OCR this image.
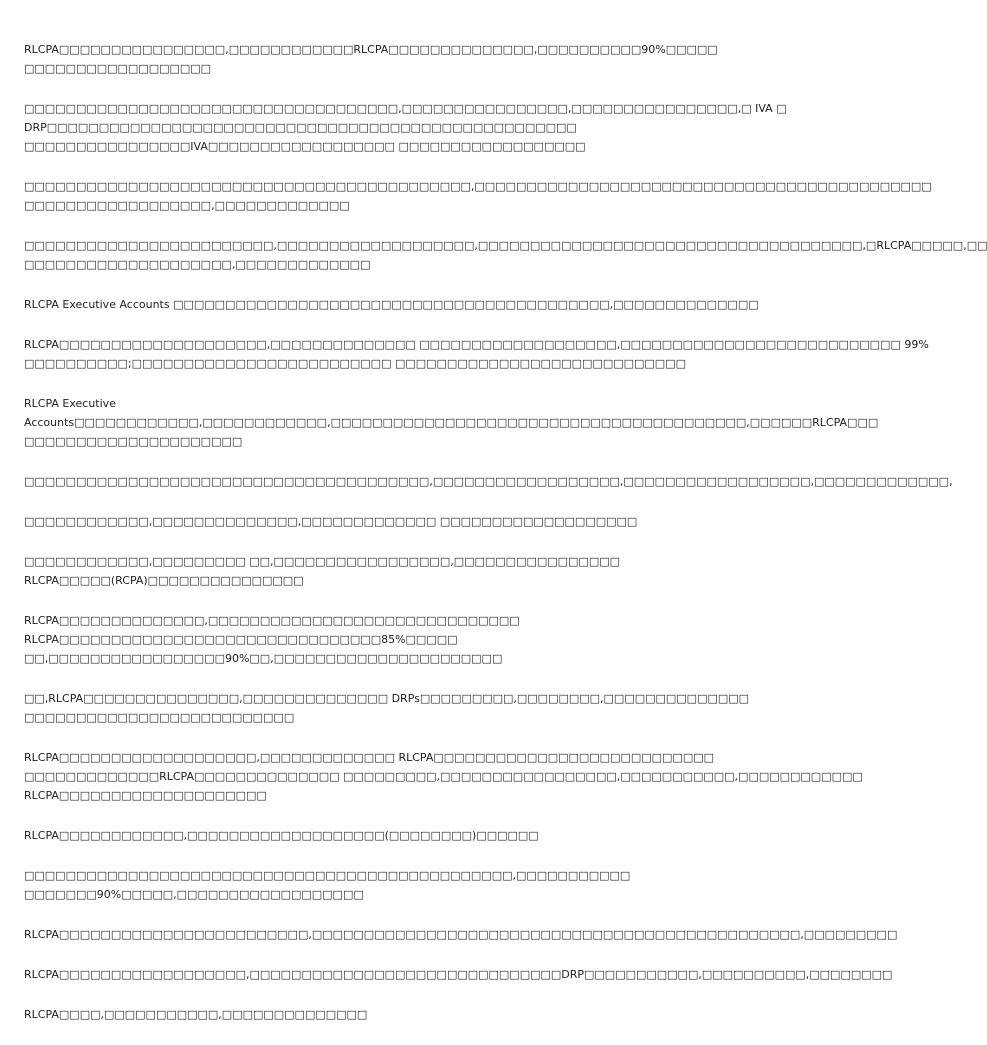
RLCPA□□□□□□□□□□□□□□□□,□□□□□□□□□□□□RLCPA□□□□□□□□□□□□□□,□□□□□□□□□□90%□□□□□
□□□□□□□□□□□□□□□□□□

□□□□□□□□□□□□□□□□□□□□□□□□□□□□□□□□□□□□,□□□□□□□□□□□□□□□□,□□□□□□□□□□□□□□□□,□ IVA □
DRP□□□□□□□□□□□□□□□□□□□□□□□□□□□□□□□□□□□□□□□□□□□□□□□□□□□
□□□□□□□□□□□□□□□□IVA□□□□□□□□□□□□□□□□□□ □□□□□□□□□□□□□□□□□□

□□□□□□□□□□□□□□□□□□□□□□□□□□□□□□□□□□□□□□□□□□□,□□□□□□□□□□□□□□□□□□□□□□□□□□□□□□□□□□□□□□□□□□□□
□□□□□□□□□□□□□□□□□□,□□□□□□□□□□□□□

□□□□□□□□□□□□□□□□□□□□□□□□,□□□□□□□□□□□□□□□□□□□,□□□□□□□□□□□□□□□□□□□□□□□□□□□□□□□□□□□□□,□RLCPA□□□□□,□□
□□□□□□□□□□□□□□□□□□□□,□□□□□□□□□□□□□

RLCPA Executive Accounts □□□□□□□□□□□□□□□□□□□□□□□□□□□□□□□□□□□□□□□□□□,□□□□□□□□□□□□□□

RLCPA□□□□□□□□□□□□□□□□□□□□,□□□□□□□□□□□□□□ □□□□□□□□□□□□□□□□□□□,□□□□□□□□□□□□□□□□□□□□□□□□□□□ 99%
□□□□□□□□□□;□□□□□□□□□□□□□□□□□□□□□□□□□ □□□□□□□□□□□□□□□□□□□□□□□□□□□□

RLCPA Executive
Accounts□□□□□□□□□□□□,□□□□□□□□□□□□,□□□□□□□□□□□□□□□□□□□□□□□□□□□□□□□□□□□□□□□□,□□□□□□RLCPA□□□
□□□□□□□□□□□□□□□□□□□□□

□□□□□□□□□□□□□□□□□□□□□□□□□□□□□□□□□□□□□□□,□□□□□□□□□□□□□□□□□□,□□□□□□□□□□□□□□□□□□,□□□□□□□□□□□□□,

□□□□□□□□□□□□,□□□□□□□□□□□□□□,□□□□□□□□□□□□□ □□□□□□□□□□□□□□□□□□□

□□□□□□□□□□□□,□□□□□□□□□ □□,□□□□□□□□□□□□□□□□□,□□□□□□□□□□□□□□□□
RLCPA□□□□□(RCPA)□□□□□□□□□□□□□□□

RLCPA□□□□□□□□□□□□□□,□□□□□□□□□□□□□□□□□□□□□□□□□□□□□□
RLCPA□□□□□□□□□□□□□□□□□□□□□□□□□□□□□□□85%□□□□□
□□,□□□□□□□□□□□□□□□□□90%□□,□□□□□□□□□□□□□□□□□□□□□□

□□,RLCPA□□□□□□□□□□□□□□□,□□□□□□□□□□□□□□ DRPs□□□□□□□□□,□□□□□□□□,□□□□□□□□□□□□□□
□□□□□□□□□□□□□□□□□□□□□□□□□□

RLCPA□□□□□□□□□□□□□□□□□□□,□□□□□□□□□□□□□ RLCPA□□□□□□□□□□□□□□□□□□□□□□□□□□□
□□□□□□□□□□□□□RLCPA□□□□□□□□□□□□□□ □□□□□□□□□,□□□□□□□□□□□□□□□□□,□□□□□□□□□□□,□□□□□□□□□□□□
RLCPA□□□□□□□□□□□□□□□□□□□□

RLCPA□□□□□□□□□□□□,□□□□□□□□□□□□□□□□□□□(□□□□□□□□)□□□□□□

□□□□□□□□□□□□□□□□□□□□□□□□□□□□□□□□□□□□□□□□□□□□□□□,□□□□□□□□□□□
□□□□□□□90%□□□□□,□□□□□□□□□□□□□□□□□□

RLCPA□□□□□□□□□□□□□□□□□□□□□□□□,□□□□□□□□□□□□□□□□□□□□□□□□□□□□□□□□□□□□□□□□□□□□□□□,□□□□□□□□□

RLCPA□□□□□□□□□□□□□□□□□□,□□□□□□□□□□□□□□□□□□□□□□□□□□□□□□DRP□□□□□□□□□□□,□□□□□□□□□□,□□□□□□□□

RLCPA□□□□,□□□□□□□□□□□,□□□□□□□□□□□□□□
